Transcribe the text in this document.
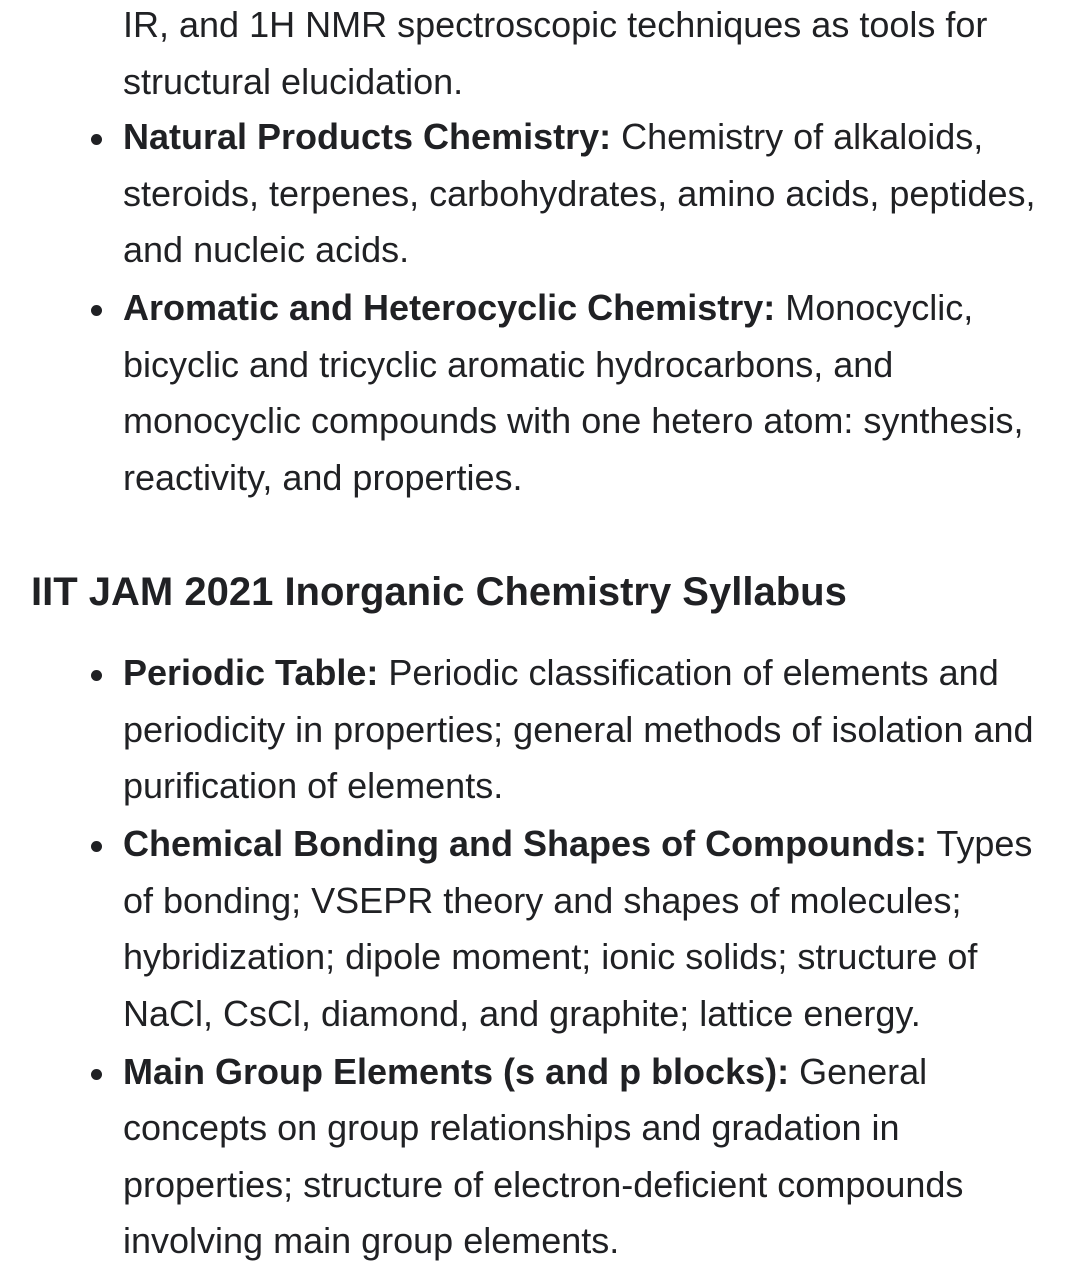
IR, and 1H NMR spectroscopic techniques as tools for structural elucidation.

Natural Products Chemistry: Chemistry of alkaloids, steroids, terpenes, carbohydrates, amino acids, peptides, and nucleic acids.
Aromatic and Heterocyclic Chemistry: Monocyclic, bicyclic and tricyclic aromatic hydrocarbons, and monocyclic compounds with one hetero atom: synthesis, reactivity, and properties.
IIT JAM 2021 Inorganic Chemistry Syllabus
Periodic Table: Periodic classification of elements and periodicity in properties; general methods of isolation and purification of elements.
Chemical Bonding and Shapes of Compounds: Types of bonding; VSEPR theory and shapes of molecules; hybridization; dipole moment; ionic solids; structure of NaCl, CsCl, diamond, and graphite; lattice energy.
Main Group Elements (s and p blocks): General concepts on group relationships and gradation in properties; structure of electron-deficient compounds involving main group elements.
